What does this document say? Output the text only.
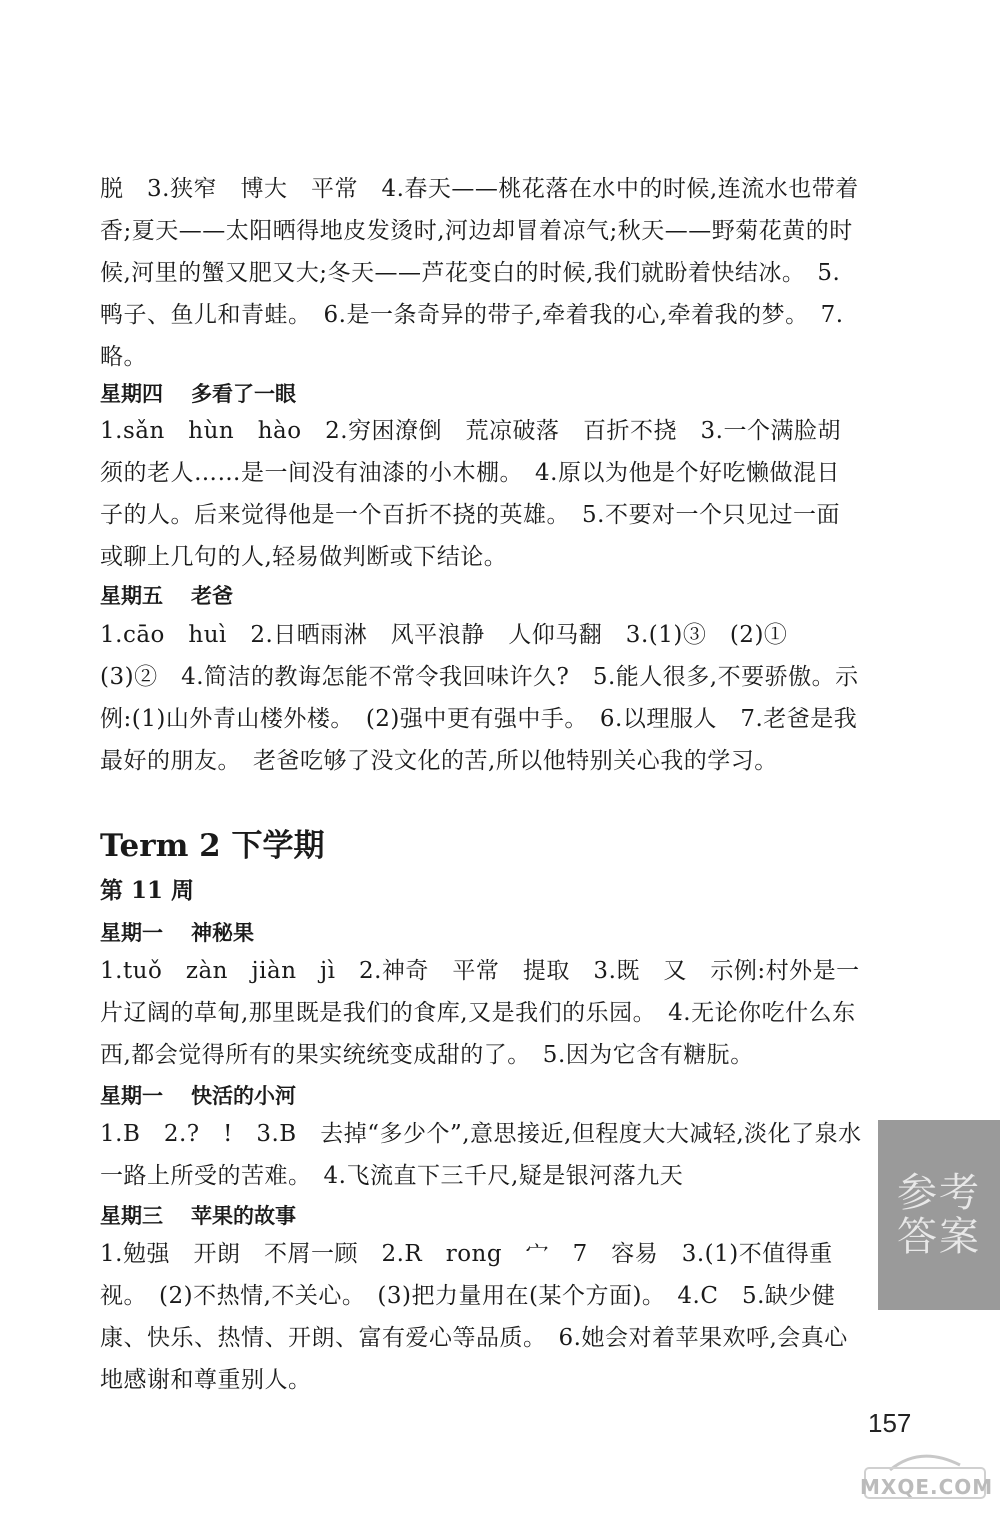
脱　3.狭窄　博大　平常　4.春天——桃花落在水中的时候,连流水也带着香;夏天——太阳晒得地皮发烫时,河边却冒着凉气;秋天——野菊花黄的时候,河里的蟹又肥又大;冬天——芦花变白的时候,我们就盼着快结冰。　5.鸭子、鱼儿和青蛙。　6.是一条奇异的带子,牵着我的心,牵着我的梦。　7.略。

星期四 多看了一眼

1.sǎn　hùn　hào　2.穷困潦倒　荒凉破落　百折不挠　3.一个满脸胡须的老人……是一间没有油漆的小木棚。　4.原以为他是个好吃懒做混日子的人。后来觉得他是一个百折不挠的英雄。　5.不要对一个只见过一面或聊上几句的人,轻易做判断或下结论。

星期五 老爸

1.cāo　huì　2.日晒雨淋　风平浪静　人仰马翻　3.(1)③　(2)①　(3)②　4.简洁的教诲怎能不常令我回味许久?　5.能人很多,不要骄傲。示例:(1)山外青山楼外楼。　(2)强中更有强中手。　6.以理服人　7.老爸是我最好的朋友。　老爸吃够了没文化的苦,所以他特别关心我的学习。

Term 2 下学期
第 11 周
星期一 神秘果

1.tuǒ　zàn　jiàn　jì　2.神奇　平常　提取　3.既　又　示例:村外是一片辽阔的草甸,那里既是我们的食库,又是我们的乐园。　4.无论你吃什么东西,都会觉得所有的果实统统变成甜的了。　5.因为它含有糖朊。

星期一 快活的小河

1.B　2.?　!　3.B　去掉“多少个”,意思接近,但程度大大减轻,淡化了泉水一路上所受的苦难。　4.飞流直下三千尺,疑是银河落九天

星期三 苹果的故事

1.勉强　开朗　不屑一顾　2.R　rong　宀　7　容易　3.(1)不值得重视。　(2)不热情,不关心。　(3)把力量用在(某个方面)。　4.C　5.缺少健康、快乐、热情、开朗、富有爱心等品质。　6.她会对着苹果欢呼,会真心地感谢和尊重别人。

参考
答案
157
MXQE.COM
